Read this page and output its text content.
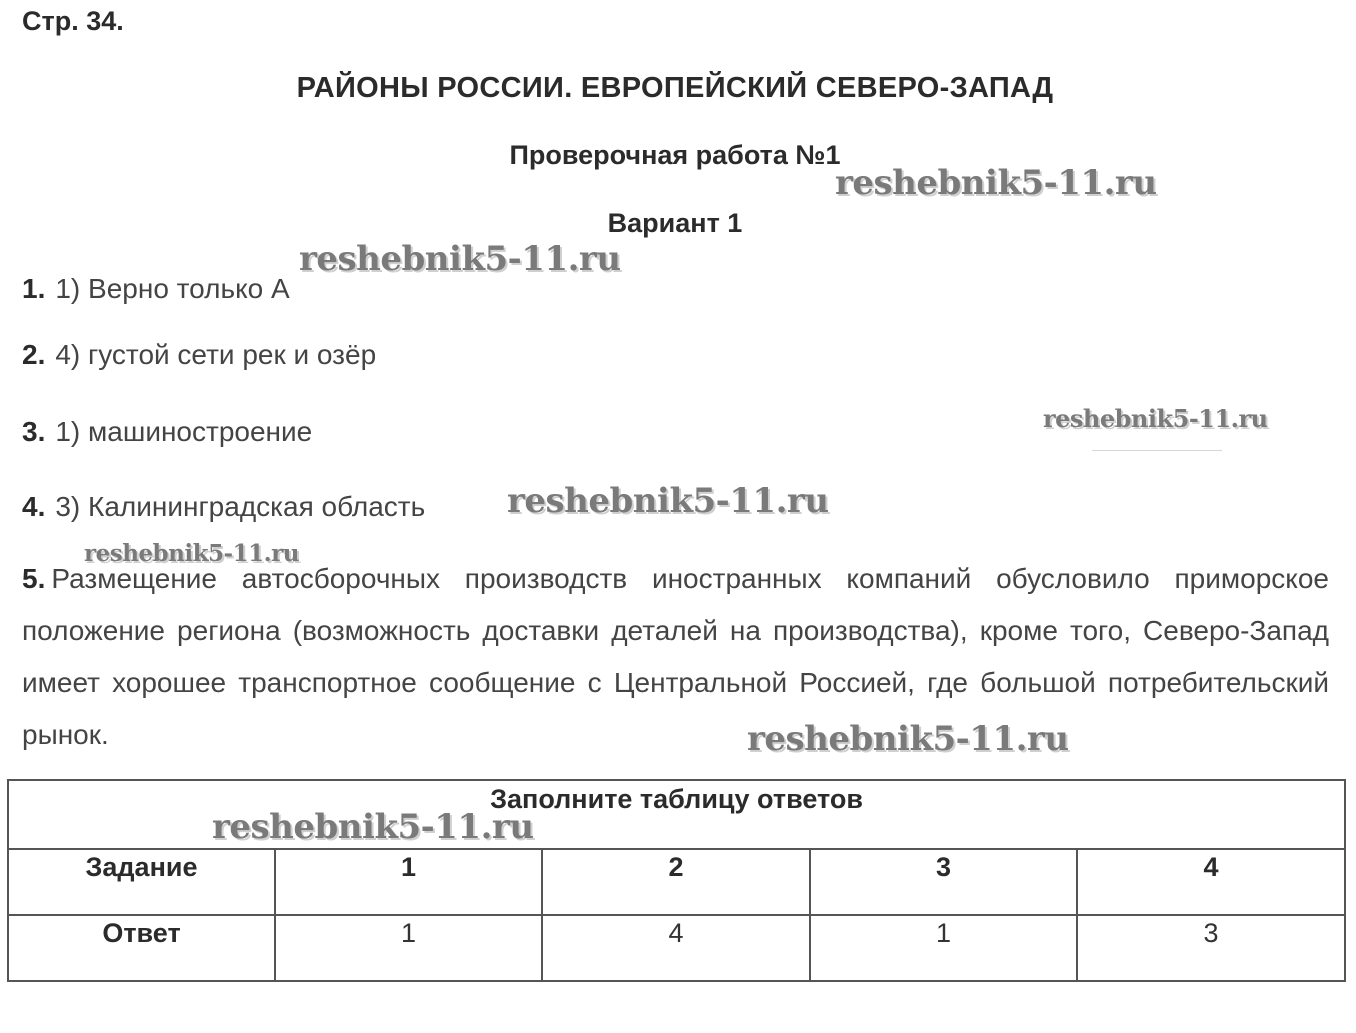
Стр. 34.
РАЙОНЫ РОССИИ. ЕВРОПЕЙСКИЙ СЕВЕРО-ЗАПАД
Проверочная работа №1
Вариант 1
1. 1) Верно только А
2. 4) густой сети рек и озёр
3. 1) машиностроение
4. 3) Калининградская область
5. Размещение автосборочных производств иностранных компаний обусловило приморское положение региона (возможность доставки деталей на производства), кроме того, Северо-Запад имеет хорошее транспортное сообщение с Центральной Россией, где большой потребительский рынок.
Заполните таблицу ответов				

Задание	1	2	3	4

Ответ	1	4	1	3
reshebnik5-11.ru
reshebnik5-11.ru
reshebnik5-11.ru
reshebnik5-11.ru
reshebnik5-11.ru
reshebnik5-11.ru
reshebnik5-11.ru
